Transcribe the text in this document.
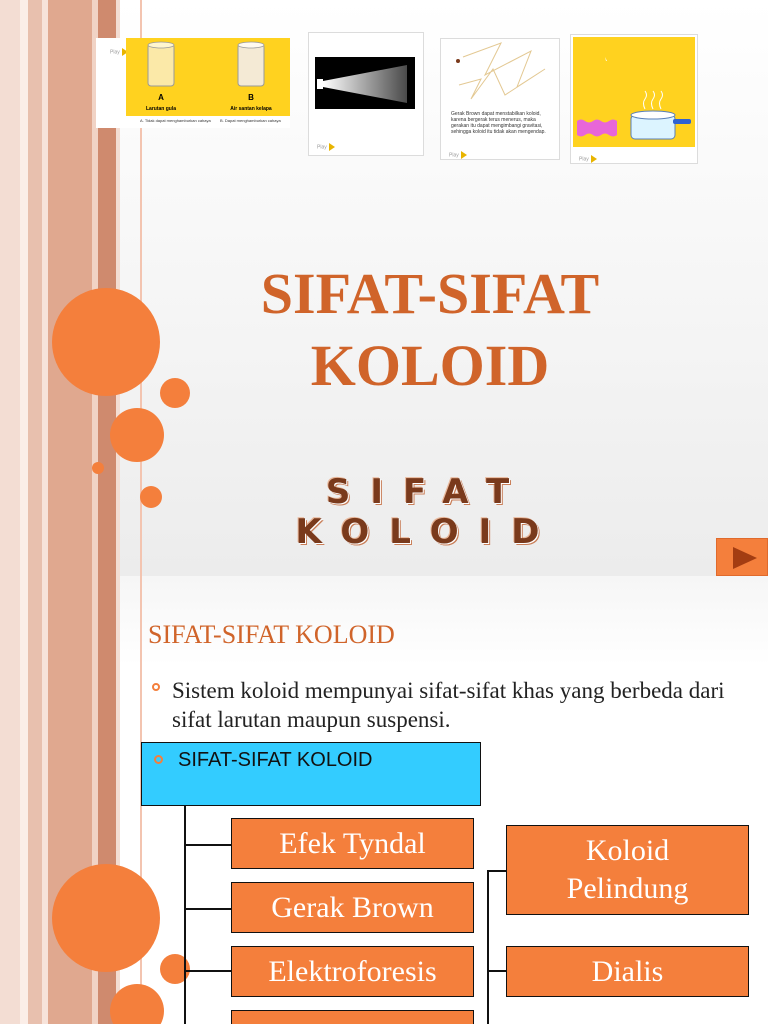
Play
A	B
Larutan gula	Air santan kelapa
A. Tidak dapat menghamburkan cahaya B. Dapat menghamburkan cahaya
Play
Gerak Brown dapat menstabilkan koloid, karena bergerak terus menerus, maka gerakan itu dapat mengimbangi gravitasi, sehingga koloid itu tidak akan mengendap.
Play
Play
SIFAT-SIFAT
KOLOID
SIFAT KOLOID
SIFAT-SIFAT KOLOID
Sistem koloid mempunyai sifat-sifat khas yang berbeda dari sifat larutan maupun suspensi.
SIFAT-SIFAT KOLOID
Efek Tyndal
Gerak Brown
Elektroforesis
Koloid Pelindung
Dialis
